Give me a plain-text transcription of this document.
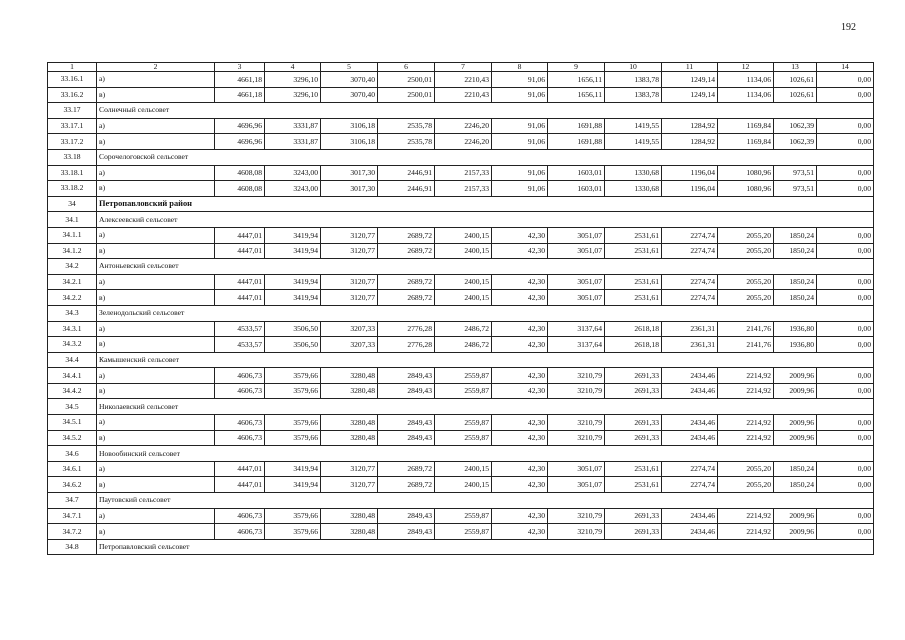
192
1	2	3	4	5	6	7	8	9	10	11	12	13	14
33.16.1	а)	4661,18	3296,10	3070,40	2500,01	2210,43	91,06	1656,11	1383,78	1249,14	1134,06	1026,61	0,00
33.16.2	в)	4661,18	3296,10	3070,40	2500,01	2210,43	91,06	1656,11	1383,78	1249,14	1134,06	1026,61	0,00
33.17	Солнечный сельсовет												
33.17.1	а)	4696,96	3331,87	3106,18	2535,78	2246,20	91,06	1691,88	1419,55	1284,92	1169,84	1062,39	0,00
33.17.2	в)	4696,96	3331,87	3106,18	2535,78	2246,20	91,06	1691,88	1419,55	1284,92	1169,84	1062,39	0,00
33.18	Сорочелоговской сельсовет												
33.18.1	а)	4608,08	3243,00	3017,30	2446,91	2157,33	91,06	1603,01	1330,68	1196,04	1080,96	973,51	0,00
33.18.2	в)	4608,08	3243,00	3017,30	2446,91	2157,33	91,06	1603,01	1330,68	1196,04	1080,96	973,51	0,00
34	Петропавловский район												
34.1	Алексеевский сельсовет												
34.1.1	а)	4447,01	3419,94	3120,77	2689,72	2400,15	42,30	3051,07	2531,61	2274,74	2055,20	1850,24	0,00
34.1.2	в)	4447,01	3419,94	3120,77	2689,72	2400,15	42,30	3051,07	2531,61	2274,74	2055,20	1850,24	0,00
34.2	Антоньевский сельсовет												
34.2.1	а)	4447,01	3419,94	3120,77	2689,72	2400,15	42,30	3051,07	2531,61	2274,74	2055,20	1850,24	0,00
34.2.2	в)	4447,01	3419,94	3120,77	2689,72	2400,15	42,30	3051,07	2531,61	2274,74	2055,20	1850,24	0,00
34.3	Зеленодольский сельсовет												
34.3.1	а)	4533,57	3506,50	3207,33	2776,28	2486,72	42,30	3137,64	2618,18	2361,31	2141,76	1936,80	0,00
34.3.2	в)	4533,57	3506,50	3207,33	2776,28	2486,72	42,30	3137,64	2618,18	2361,31	2141,76	1936,80	0,00
34.4	Камышенский сельсовет												
34.4.1	а)	4606,73	3579,66	3280,48	2849,43	2559,87	42,30	3210,79	2691,33	2434,46	2214,92	2009,96	0,00
34.4.2	в)	4606,73	3579,66	3280,48	2849,43	2559,87	42,30	3210,79	2691,33	2434,46	2214,92	2009,96	0,00
34.5	Николаевский сельсовет												
34.5.1	а)	4606,73	3579,66	3280,48	2849,43	2559,87	42,30	3210,79	2691,33	2434,46	2214,92	2009,96	0,00
34.5.2	в)	4606,73	3579,66	3280,48	2849,43	2559,87	42,30	3210,79	2691,33	2434,46	2214,92	2009,96	0,00
34.6	Новообинский сельсовет												
34.6.1	а)	4447,01	3419,94	3120,77	2689,72	2400,15	42,30	3051,07	2531,61	2274,74	2055,20	1850,24	0,00
34.6.2	в)	4447,01	3419,94	3120,77	2689,72	2400,15	42,30	3051,07	2531,61	2274,74	2055,20	1850,24	0,00
34.7	Паутовский сельсовет												
34.7.1	а)	4606,73	3579,66	3280,48	2849,43	2559,87	42,30	3210,79	2691,33	2434,46	2214,92	2009,96	0,00
34.7.2	в)	4606,73	3579,66	3280,48	2849,43	2559,87	42,30	3210,79	2691,33	2434,46	2214,92	2009,96	0,00
34.8	Петропавловский сельсовет												
